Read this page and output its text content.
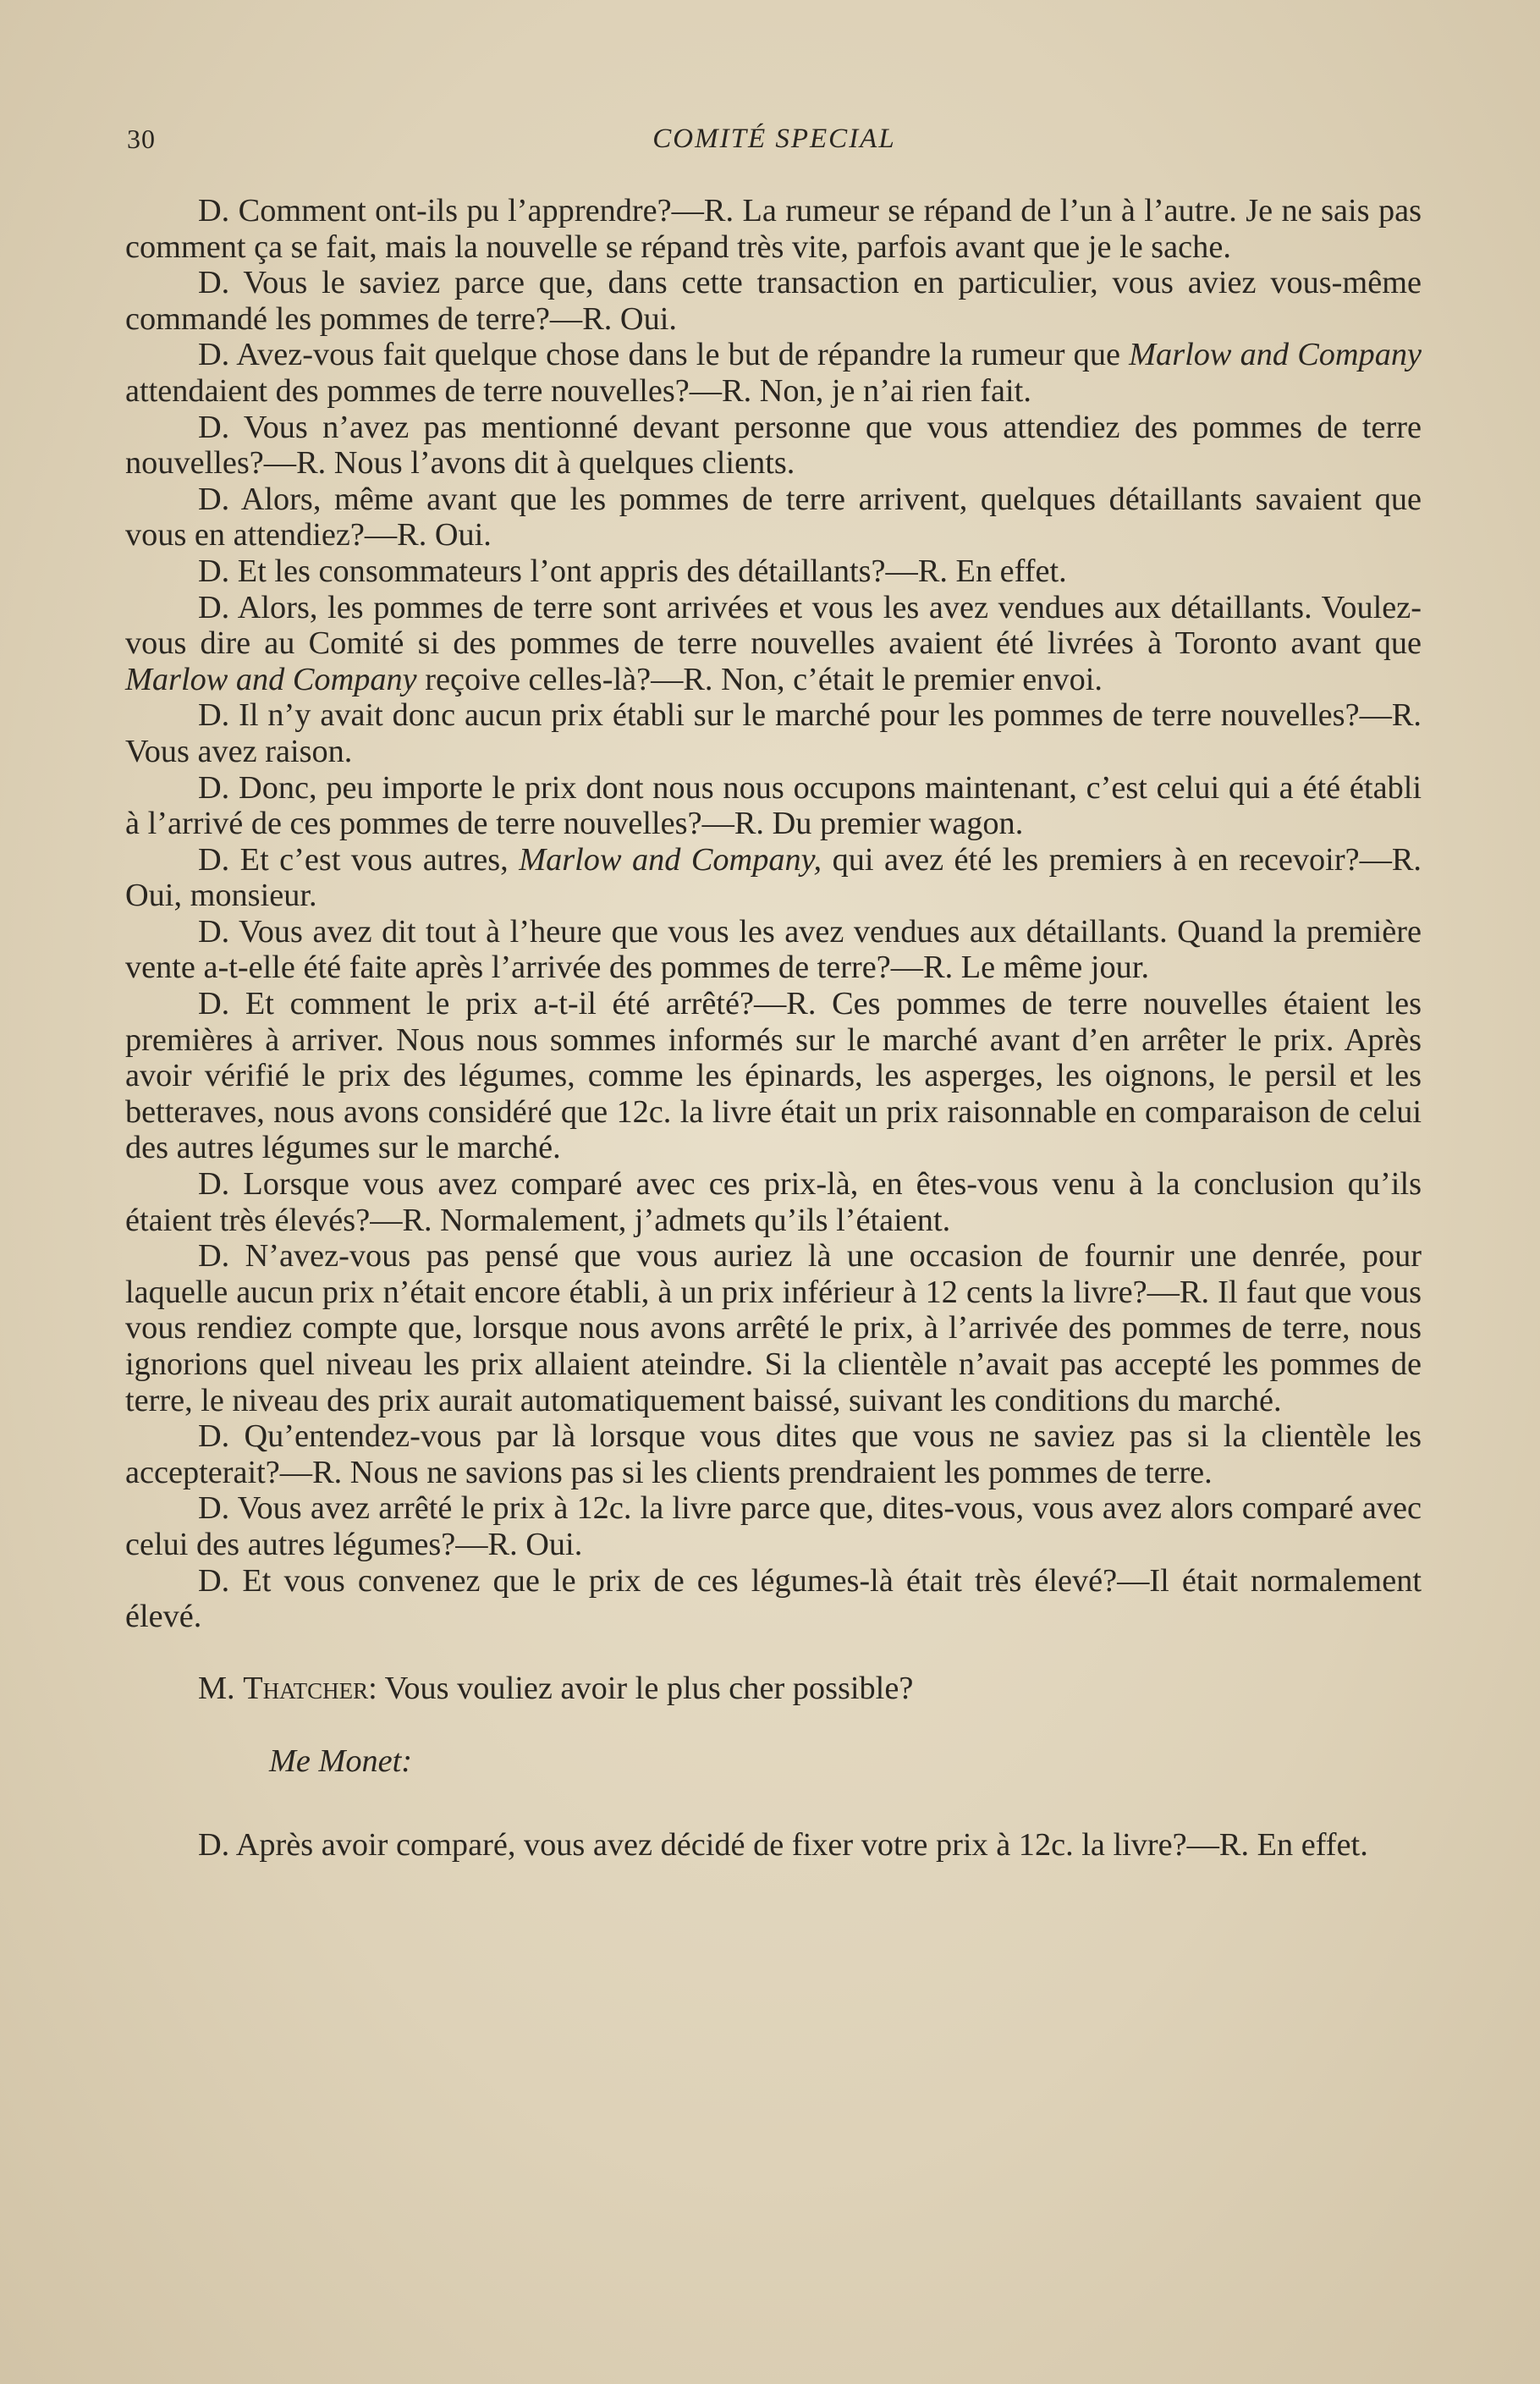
30	COMITÉ SPECIAL

D. Comment ont-ils pu l’apprendre?—R. La rumeur se répand de l’un à l’autre. Je ne sais pas comment ça se fait, mais la nouvelle se répand très vite, parfois avant que je le sache.

D. Vous le saviez parce que, dans cette transaction en particulier, vous aviez vous-même commandé les pommes de terre?—R. Oui.

D. Avez-vous fait quelque chose dans le but de répandre la rumeur que Marlow and Company attendaient des pommes de terre nouvelles?—R. Non, je n’ai rien fait.

D. Vous n’avez pas mentionné devant personne que vous attendiez des pommes de terre nouvelles?—R. Nous l’avons dit à quelques clients.

D. Alors, même avant que les pommes de terre arrivent, quelques détaillants savaient que vous en attendiez?—R. Oui.

D. Et les consommateurs l’ont appris des détaillants?—R. En effet.

D. Alors, les pommes de terre sont arrivées et vous les avez vendues aux détaillants. Voulez-vous dire au Comité si des pommes de terre nouvelles avaient été livrées à Toronto avant que Marlow and Company reçoive celles-là?—R. Non, c’était le premier envoi.

D. Il n’y avait donc aucun prix établi sur le marché pour les pommes de terre nouvelles?—R. Vous avez raison.

D. Donc, peu importe le prix dont nous nous occupons maintenant, c’est celui qui a été établi à l’arrivé de ces pommes de terre nouvelles?—R. Du premier wagon.

D. Et c’est vous autres, Marlow and Company, qui avez été les premiers à en recevoir?—R. Oui, monsieur.

D. Vous avez dit tout à l’heure que vous les avez vendues aux détaillants. Quand la première vente a-t-elle été faite après l’arrivée des pommes de terre?—R. Le même jour.

D. Et comment le prix a-t-il été arrêté?—R. Ces pommes de terre nouvelles étaient les premières à arriver. Nous nous sommes informés sur le marché avant d’en arrêter le prix. Après avoir vérifié le prix des légumes, comme les épinards, les asperges, les oignons, le persil et les betteraves, nous avons considéré que 12c. la livre était un prix raisonnable en comparaison de celui des autres légumes sur le marché.

D. Lorsque vous avez comparé avec ces prix-là, en êtes-vous venu à la conclusion qu’ils étaient très élevés?—R. Normalement, j’admets qu’ils l’étaient.

D. N’avez-vous pas pensé que vous auriez là une occasion de fournir une denrée, pour laquelle aucun prix n’était encore établi, à un prix inférieur à 12 cents la livre?—R. Il faut que vous vous rendiez compte que, lorsque nous avons arrêté le prix, à l’arrivée des pommes de terre, nous ignorions quel niveau les prix allaient ateindre. Si la clientèle n’avait pas accepté les pommes de terre, le niveau des prix aurait automatiquement baissé, suivant les conditions du marché.

D. Qu’entendez-vous par là lorsque vous dites que vous ne saviez pas si la clientèle les accepterait?—R. Nous ne savions pas si les clients prendraient les pommes de terre.

D. Vous avez arrêté le prix à 12c. la livre parce que, dites-vous, vous avez alors comparé avec celui des autres légumes?—R. Oui.

D. Et vous convenez que le prix de ces légumes-là était très élevé?—Il était normalement élevé.

M. Thatcher: Vous vouliez avoir le plus cher possible?

Me Monet:

D. Après avoir comparé, vous avez décidé de fixer votre prix à 12c. la livre?—R. En effet.
